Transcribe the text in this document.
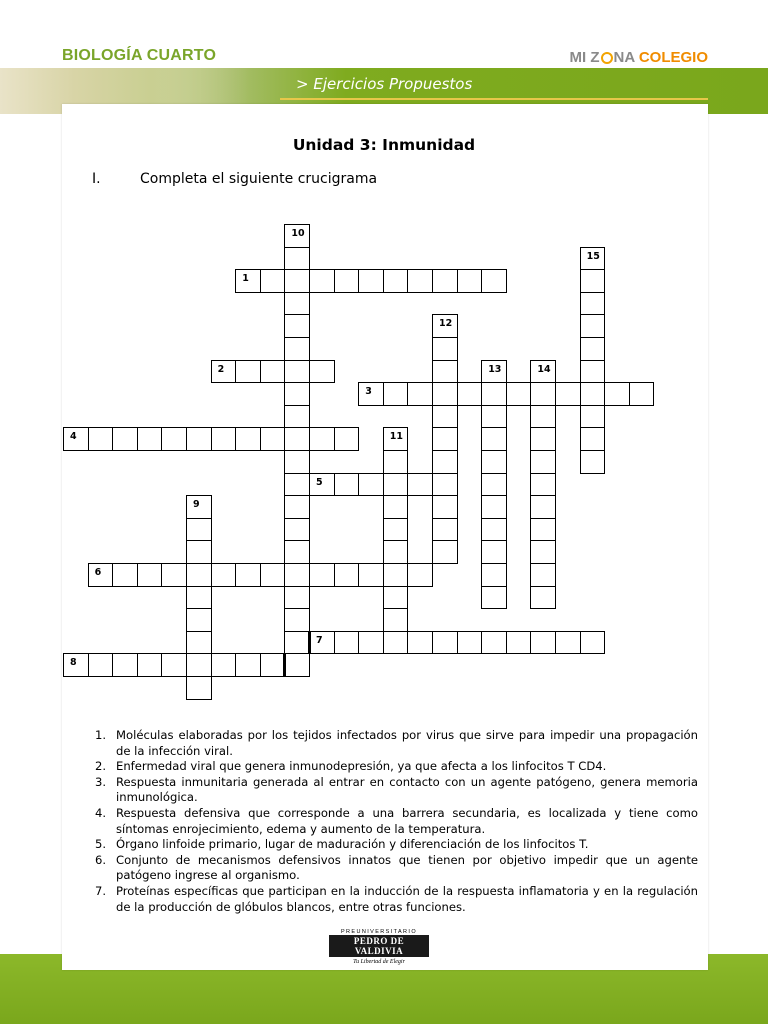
> Ejercicios Propuestos
BIOLOGÍA CUARTO	MI Z NA COLEGIO
Unidad 3: Inmunidad
I.	Completa el siguiente crucigrama
1
2
3
4
5
6
7
8
9
10
11
12
13	14
15
1. Moléculas elaboradas por los tejidos infectados por virus que sirve para impedir una propagación de la infección viral.
2. Enfermedad viral que genera inmunodepresión, ya que afecta a los linfocitos T CD4.
3. Respuesta inmunitaria generada al entrar en contacto con un agente patógeno, genera memoria inmunológica.
4. Respuesta defensiva que corresponde a una barrera secundaria, es localizada y tiene como síntomas enrojecimiento, edema y aumento de la temperatura.
5. Órgano linfoide primario, lugar de maduración y diferenciación de los linfocitos T.
6. Conjunto de mecanismos defensivos innatos que tienen por objetivo impedir que un agente patógeno ingrese al organismo.
7. Proteínas específicas que participan en la inducción de la respuesta inflamatoria y en la regulación de la producción de glóbulos blancos, entre otras funciones.
PREUNIVERSITARIO
PEDRO DE VALDIVIA
Tu Libertad de Elegir
